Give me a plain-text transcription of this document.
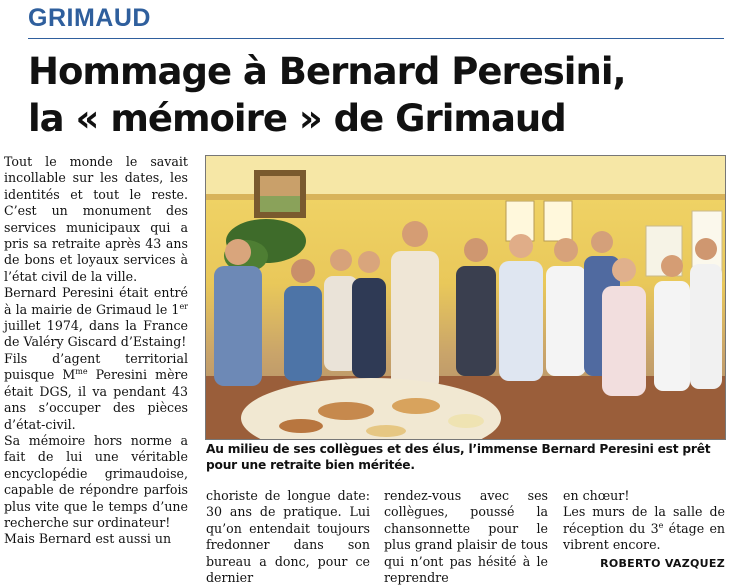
GRIMAUD
Hommage à Bernard Peresini,
la « mémoire » de Grimaud

Tout le monde le savait incollable sur les dates, les identités et tout le reste. C’est un monument des services municipaux qui a pris sa retraite après 43 ans de bons et loyaux services à l’état civil de la ville.

Bernard Peresini était entré à la mairie de Grimaud le 1er juillet 1974, dans la France de Valéry Giscard d’Estaing!

Fils d’agent territorial puisque $M^{me}$ Peresini mère était DGS, il va pendant 43 ans s’occuper des pièces d’état-civil.

Sa mémoire hors norme a fait de lui une véritable encyclopédie grimaudoise, capable de répondre parfois plus vite que le temps d’une recherche sur ordinateur!

Mais Bernard est aussi un

Au milieu de ses collègues et des élus, l’immense Bernard Peresini est prêt pour une retraite bien méritée.

choriste de longue date: 30 ans de pratique. Lui qu’on entendait toujours fredonner dans son bureau a donc, pour ce dernier

rendez-vous avec ses collègues, poussé la chansonnette pour le plus grand plaisir de tous qui n’ont pas hésité à le reprendre

en chœur!

Les murs de la salle de réception du 3e étage en vibrent encore.

ROBERTO VAZQUEZ
